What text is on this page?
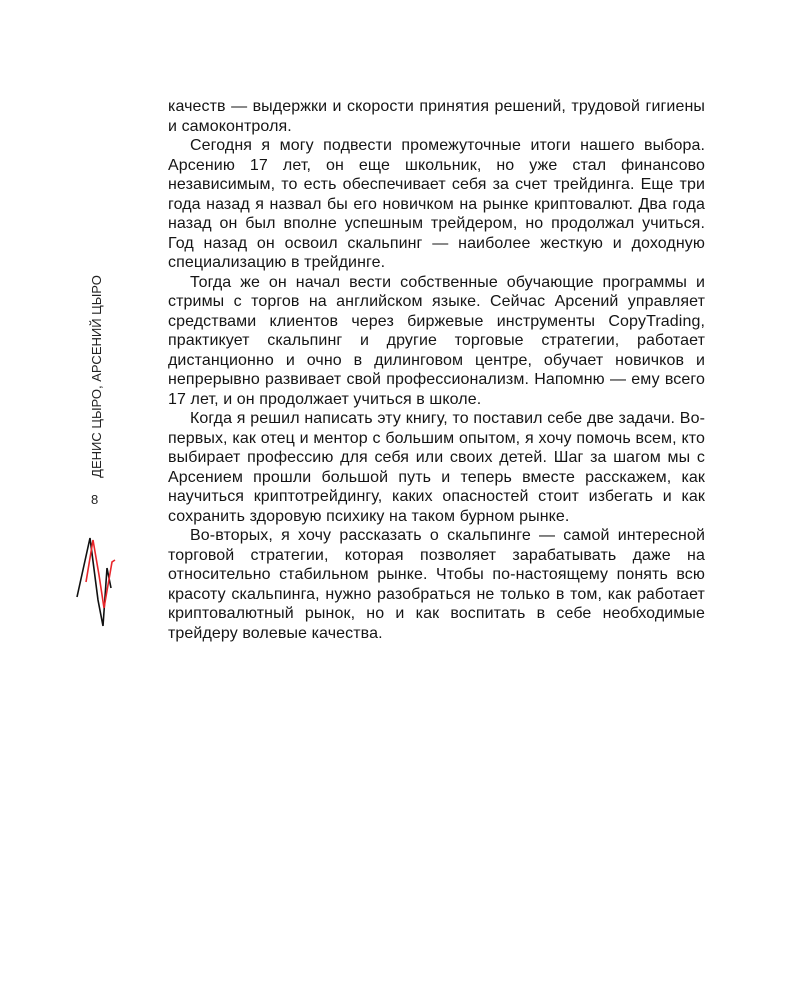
ДЕНИС ЦЫРО, АРСЕНИЙ ЦЫРО
8

качеств — выдержки и скорости принятия решений, трудовой гигиены и самоконтроля.

Сегодня я могу подвести промежуточные итоги нашего выбора. Арсению 17 лет, он еще школьник, но уже стал финансово независимым, то есть обеспечивает себя за счет трейдинга. Еще три года назад я назвал бы его новичком на рынке криптовалют. Два года назад он был вполне успешным трейдером, но продолжал учиться. Год назад он освоил скальпинг — наиболее жесткую и доходную специализацию в трейдинге.

Тогда же он начал вести собственные обучающие программы и стримы с торгов на английском языке. Сейчас Арсений управляет средствами клиентов через биржевые инструменты CopyTrading, практикует скальпинг и другие торговые стратегии, работает дистанционно и очно в дилинговом центре, обучает новичков и непрерывно развивает свой профессионализм. Напомню — ему всего 17 лет, и он продолжает учиться в школе.

Когда я решил написать эту книгу, то поставил себе две задачи. Во-первых, как отец и ментор с большим опытом, я хочу помочь всем, кто выбирает профессию для себя или своих детей. Шаг за шагом мы с Арсением прошли большой путь и теперь вместе расскажем, как научиться криптотрейдингу, каких опасностей стоит избегать и как сохранить здоровую психику на таком бурном рынке.

Во-вторых, я хочу рассказать о скальпинге — самой интересной торговой стратегии, которая позволяет зарабатывать даже на относительно стабильном рынке. Чтобы по-настоящему понять всю красоту скальпинга, нужно разобраться не только в том, как работает криптовалютный рынок, но и как воспитать в себе необходимые трейдеру волевые качества.
